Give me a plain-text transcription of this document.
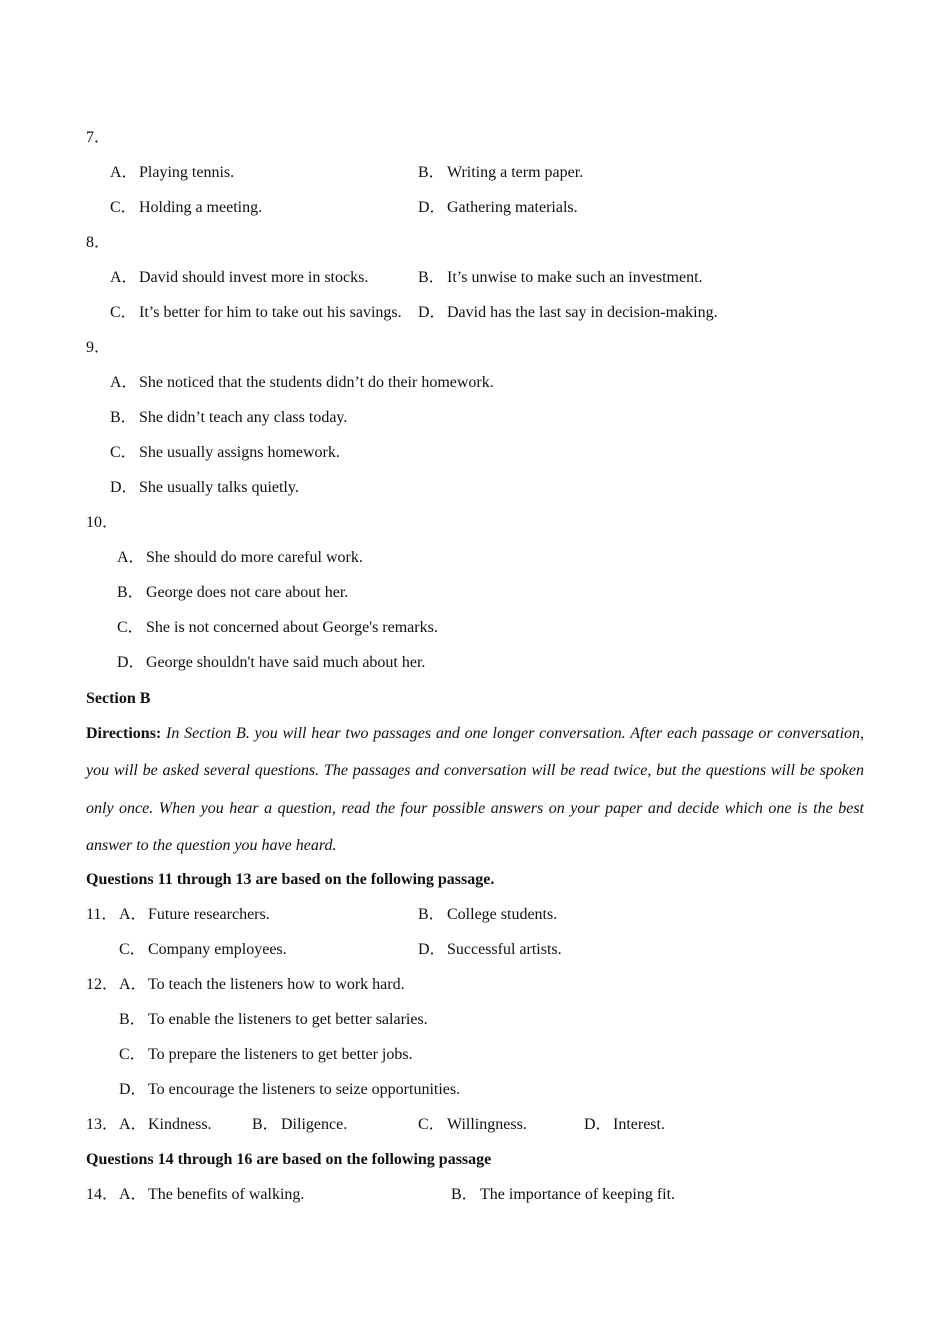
7．
A．Playing tennis.	B． Writing a term paper.
C． Holding a meeting.	D．Gathering materials.
8．
A．David should invest more in stocks.	B． It’s unwise to make such an investment.
C． It’s better for him to take out his savings. D．David has the last say in decision-making.
9．
A．She noticed that the students didn’t do their homework.
B． She didn’t teach any class today.
C． She usually assigns homework.
D．She usually talks quietly.
10．
A．She should do more careful work.
B． George does not care about her.
C． She is not concerned about George's remarks.
D．George shouldn't have said much about her.
Section B
Directions: In Section B. you will hear two passages and one longer conversation. After each passage or conversation, you will be asked several questions. The passages and conversation will be read twice, but the questions will be spoken only once. When you hear a question, read the four possible answers on your paper and decide which one is the best answer to the question you have heard.
Questions 11 through 13 are based on the following passage.
11． A．Future researchers.	B． College students.
C． Company employees.	D．Successful artists.
12． A．To teach the listeners how to work hard.
B． To enable the listeners to get better salaries.
C． To prepare the listeners to get better jobs.
D．To encourage the listeners to seize opportunities.
13． A．Kindness.	B． Diligence.	C． Willingness.	D．Interest.
Questions 14 through 16 are based on the following passage
14． A．The benefits of walking.	B． The importance of keeping fit.
